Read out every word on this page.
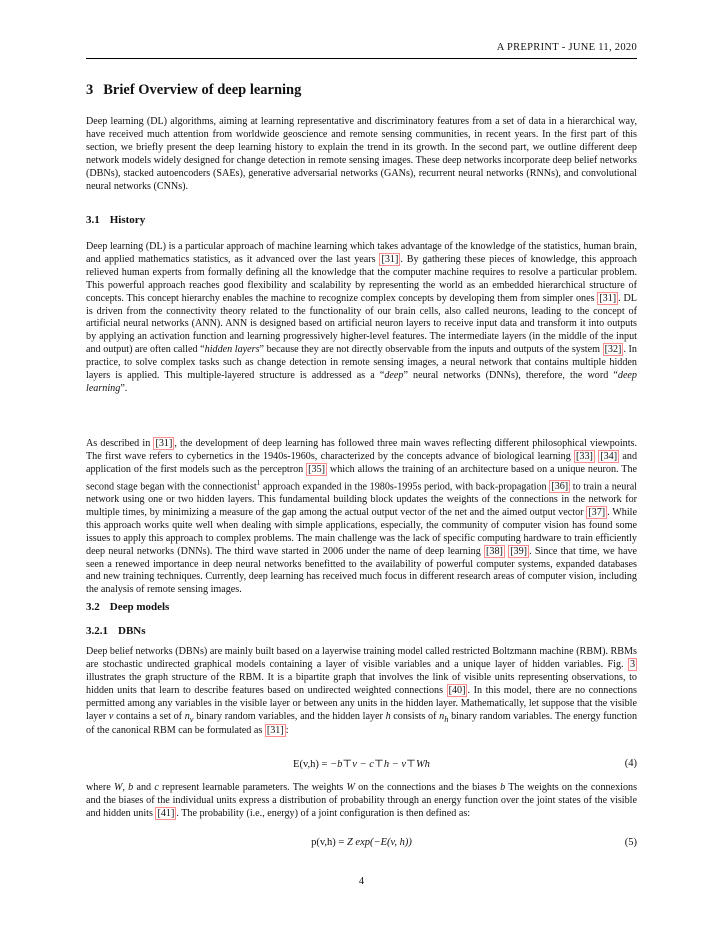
A PREPRINT - JUNE 11, 2020
3 Brief Overview of deep learning

Deep learning (DL) algorithms, aiming at learning representative and discriminatory features from a set of data in a hierarchical way, have received much attention from worldwide geoscience and remote sensing communities, in recent years. In the first part of this section, we briefly present the deep learning history to explain the trend in its growth. In the second part, we outline different deep network models widely designed for change detection in remote sensing images. These deep networks incorporate deep belief networks (DBNs), stacked autoencoders (SAEs), generative adversarial networks (GANs), recurrent neural networks (RNNs), and convolutional neural networks (CNNs).

3.1 History

Deep learning (DL) is a particular approach of machine learning which takes advantage of the knowledge of the statistics, human brain, and applied mathematics statistics, as it advanced over the last years [31] . By gathering these pieces of knowledge, this approach relieved human experts from formally defining all the knowledge that the computer machine requires to resolve a particular problem. This powerful approach reaches good flexibility and scalability by representing the world as an embedded hierarchical structure of concepts. This concept hierarchy enables the machine to recognize complex concepts by developing them from simpler ones [31] . DL is driven from the connectivity theory related to the functionality of our brain cells, also called neurons, leading to the concept of artificial neural networks (ANN). ANN is designed based on artificial neuron layers to receive input data and transform it into outputs by applying an activation function and learning progressively higher-level features. The intermediate layers (in the middle of the input and output) are often called “hidden layers” because they are not directly observable from the inputs and outputs of the system [32] . In practice, to solve complex tasks such as change detection in remote sensing images, a neural network that contains multiple hidden layers is applied. This multiple-layered structure is addressed as a “deep” neural networks (DNNs), therefore, the word “deep learning”.

As described in [31] , the development of deep learning has followed three main waves reflecting different philosophical viewpoints. The first wave refers to cybernetics in the 1940s-1960s, characterized by the concepts advance of biological learning [33] [34] and application of the first models such as the perceptron [35] which allows the training of an architecture based on a unique neuron. The second stage began with the connectionist$^1$ approach expanded in the 1980s-1995s period, with back-propagation [36] to train a neural network using one or two hidden layers. This fundamental building block updates the weights of the connections in the network for multiple times, by minimizing a measure of the gap among the actual output vector of the net and the aimed output vector [37] . While this approach works quite well when dealing with simple applications, especially, the community of computer vision has found some issues to apply this approach to complex problems. The main challenge was the lack of specific computing hardware to train efficiently deep neural networks (DNNs). The third wave started in 2006 under the name of deep learning [38] [39] . Since that time, we have seen a renewed importance in deep neural networks benefitted to the availability of powerful computer systems, expanded databases and new training techniques. Currently, deep learning has received much focus in different research areas of computer vision, including the analysis of remote sensing images.

3.2 Deep models
3.2.1 DBNs

Deep belief networks (DBNs) are mainly built based on a layerwise training model called restricted Boltzmann machine (RBM). RBMs are stochastic undirected graphical models containing a layer of visible variables and a unique layer of hidden variables. Fig. 3 illustrates the graph structure of the RBM. It is a bipartite graph that involves the link of visible units representing observations, to hidden units that learn to describe features based on undirected weighted connections [40] . In this model, there are no connections permitted among any variables in the visible layer or between any units in the hidden layer. Mathematically, let suppose that the visible layer v contains a set of $n_v$ binary random variables, and the hidden layer h consists of $n_h$ binary random variables. The energy function of the canonical RBM can be formulated as [31] :

E(v,h) = −b⊤v − c⊤h − v⊤Wh	(4)

where W, b and c represent learnable parameters. The weights W on the connections and the biases b The weights on the connexions and the biases of the individual units express a distribution of probability through an energy function over the joint states of the visible and hidden units [41] . The probability (i.e., energy) of a joint configuration is then defined as:

p(v,h) = Z exp(−E(v, h))	(5)
4
